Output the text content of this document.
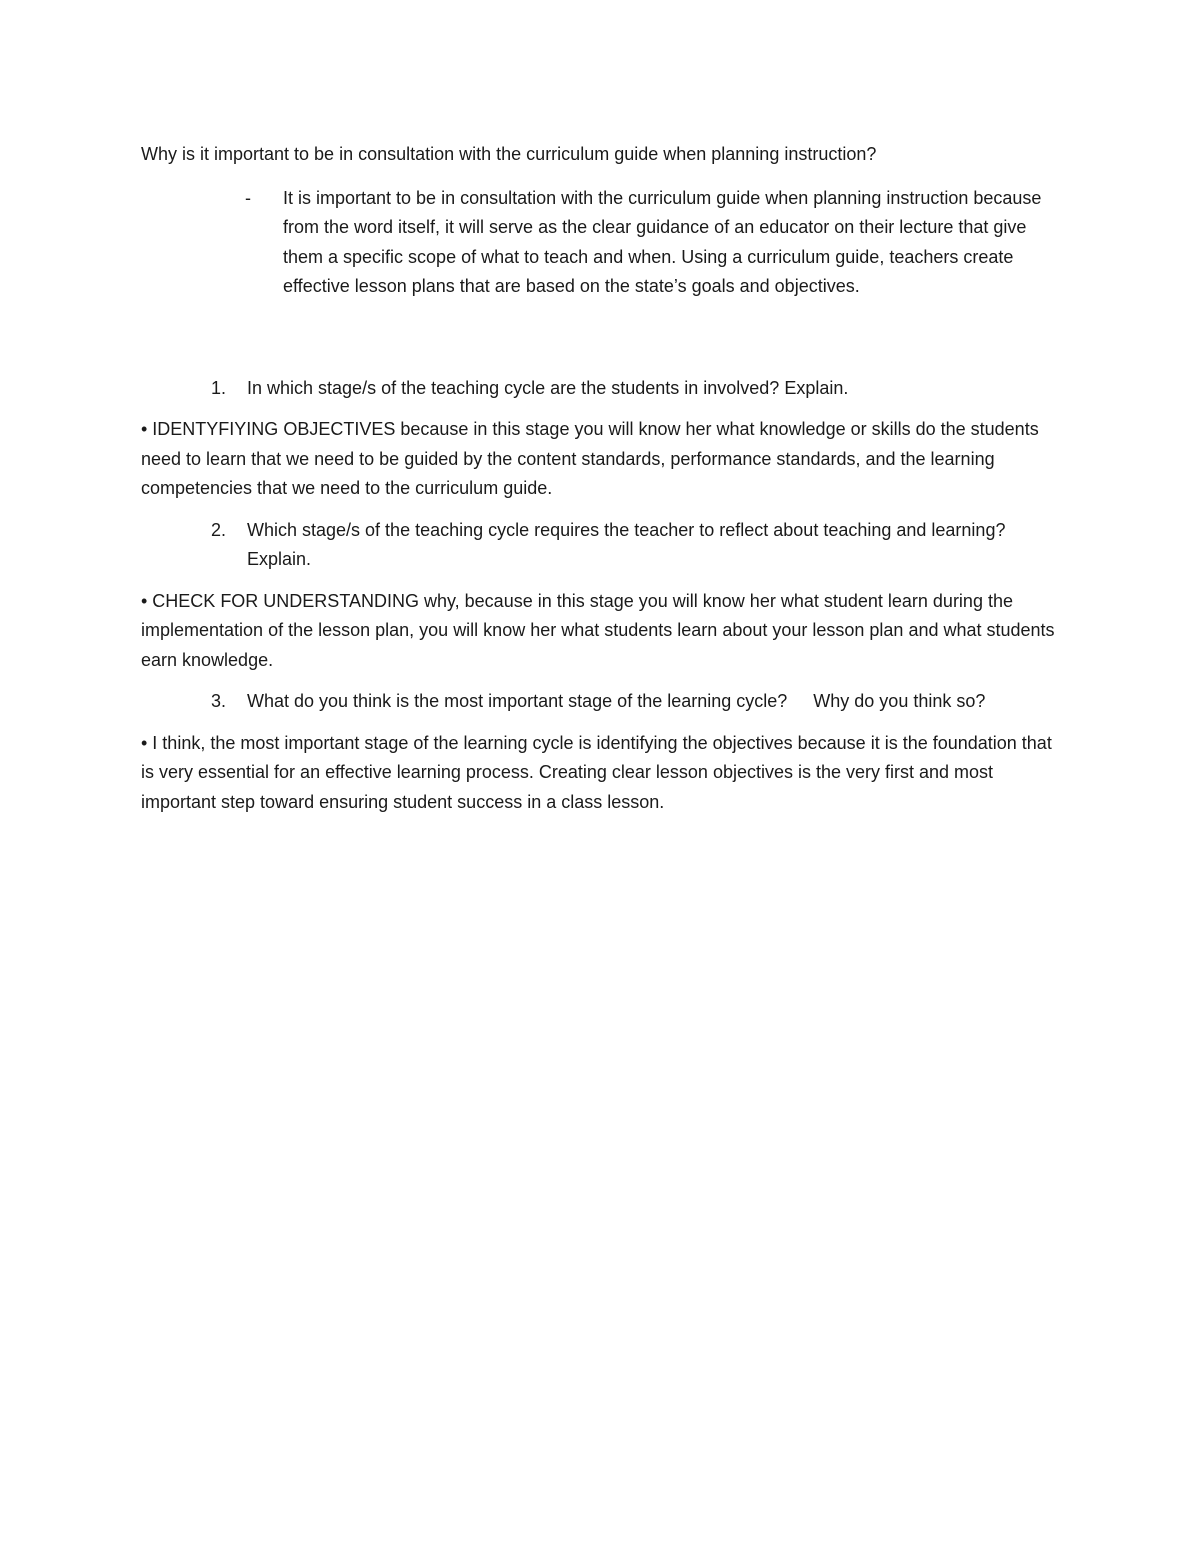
Why is it important to be in consultation with the curriculum guide when planning instruction?

- It is important to be in consultation with the curriculum guide when planning instruction because from the word itself, it will serve as the clear guidance of an educator on their lecture that give them a specific scope of what to teach and when. Using a curriculum guide, teachers create effective lesson plans that are based on the state’s goals and objectives.
1. In which stage/s of the teaching cycle are the students in involved? Explain.

• IDENTYFIYING OBJECTIVES because in this stage you will know her what knowledge or skills do the students need to learn that we need to be guided by the content standards, performance standards, and the learning competencies that we need to the curriculum guide.

2. Which stage/s of the teaching cycle requires the teacher to reflect about teaching and learning? Explain.

• CHECK FOR UNDERSTANDING why, because in this stage you will know her what student learn during the implementation of the lesson plan, you will know her what students learn about your lesson plan and what students earn knowledge.

3. What do you think is the most important stage of the learning cycle? Why do you think so?

• I think, the most important stage of the learning cycle is identifying the objectives because it is the foundation that is very essential for an effective learning process. Creating clear lesson objectives is the very first and most important step toward ensuring student success in a class lesson.
